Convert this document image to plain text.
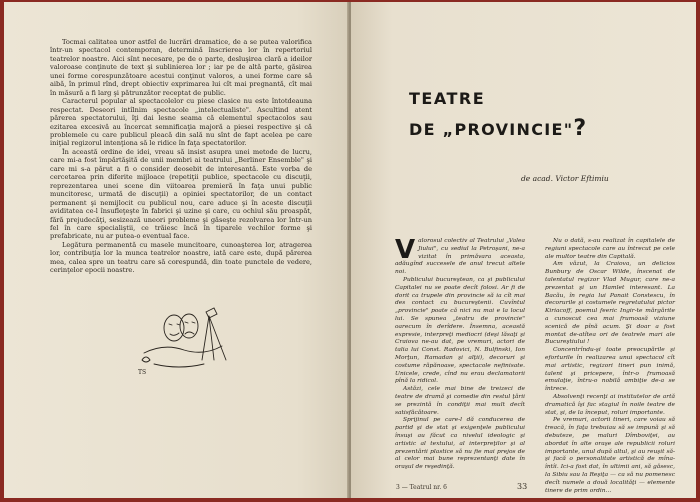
Tocmai calitatea unor astfel de lucrări dramatice, de a se putea valorifica într-un spectacol contemporan, determină înscrierea lor în repertoriul teatrelor noastre. Aici sînt necesare, pe de o parte, desluşirea clară a ideilor valoroase conţinute de text şi sublinierea lor ; iar pe de altă parte, găsirea unei forme corespunzătoare acestui conţinut valoros, a unei forme care să aibă, în primul rînd, drept obiectiv exprimarea lui cît mai pregnantă, cît mai în măsură a fi larg şi pătrunzător receptat de public.

Caracterul popular al spectacolelor cu piese clasice nu este întotdeauna respectat. Deseori intîlnim spectacole „intelectualiste". Ascultind atent părerea spectatorului, îţi dai lesne seama că elementul spectacolos sau ezitarea excesivă au încercat semnificaţia majoră a piesei respective şi că problemele cu care publicul pleacă din sală nu sînt de fapt acelea pe care iniţial regizorul intenţiona să le ridice în faţa spectatorilor.

În această ordine de idei, vreau să insist asupra unei metode de lucru, care mi-a fost împărtăşită de unii membri ai teatrului „Berliner Ensemble" şi care mi s-a părut a fi o consider deosebit de interesantă. Este vorba de cercetarea prin diferite mijloace (repetiţii publice, spectacole cu discuţii, reprezentarea unei scene din viitoarea premieră în faţa unui public muncitoresc, urmată de discuţii) a opiniei spectatorilor, de un contact permanent şi nemijlocit cu publicul nou, care aduce şi în aceste discuţii aviditatea ce-l însufleţeşte în fabrici şi uzine şi care, cu ochiul său proaspăt, fără prejudecăţi, sesizează uneori probleme şi găseşte rezolvarea lor într-un fel în care specialiştii, ce trăiesc încă în tiparele vechilor forme şi prefabricate, nu ar putea-o eventual face.

Legătura permanentă cu masele muncitoare, cunoaşterea lor, atragerea lor, contribuţia lor la munca teatrelor noastre, iată care este, după părerea mea, calea spre un teatru care să corespundă, din toate punctele de vedere, cerinţelor epocii noastre.

TS
TEATRE
DE „PROVINCIE"?
de acad. Victor Eftimiu

Valorosul colectiv al Teatrului „Valea Jiului", cu sediul la Petroşani, ne-a vizitat în primăvara aceasta, adăugînd succesele de anul trecut altele noi.

Publicului bucureştean, ca şi publicului Capitalei nu se poate decît folosi. Ar fi de dorit ca trupele din provincie să ia cît mai des contact cu bucureştenii. Cuvîntul „provincie" poate că nici nu mai e la locul lui. Se spunea „teatru de provincie" oarecum în derîdere. Însemna, această expresie, interpreţi mediocri (deşi lăsaţi şi Craiova ne-au dat, pe vremuri, actori de talia lui Const. Radovici, N. Bulfinski, Ion Morţun, Ramadan şi alţii), decoruri şi costume răpănoase, spectacole nefinisate. Unicele, crede, cînd nu erau declamatorii pînă la ridicol.

Astăzi, cele mai bine de treizeci de teatre de dramă şi comedie din restul ţării se prezintă în condiţii mai mult decît satisfăcătoare.

Sprijinul pe care-l dă conducerea de partid şi de stat şi exigenţele publicului însuşi au făcut ca nivelul ideologic şi artistic al textului, al interpreţilor şi al prezentării plastice să nu fie mai prejos de al celor mai bune reprezentanţi date în oraşul de reşedinţă.

Nu o dată, s-au realizat în capitalele de regiuni spectacole care au întrecut pe cele ale multor teatre din Capitală.

Am văzut, la Craiova, un delicios Bunbury de Oscar Wilde, înscenat de talentatul regizor Vlad Mugur, care ne-a prezentat şi un Hamlet interesant. La Bacău, în regia lui Panait Constescu, în decorurile şi costumele regretatului pictor Kiriacoff, poemul feeric Ingir-te mărgărite a cunoscut cea mai frumoasă viziune scenică de pînă acum. Şi doar a fost montat de-atîtea ori de teatrele mari ale Bucureştiului !

Concentrîndu-şi toate preocupările şi eforturile în realizarea unui spectacol cît mai artistic, regizori tineri pun inimă, talent şi pricepere, într-o frumoasă emulaţie, întru-o nobilă ambiţie de-a se întrece.

Absolvenţi recenţi ai institutelor de artă dramatică îşi fac stagiul în noile teatre de stat, şi, de la început, roluri importante.

Pe vremuri, actorii tineri, care voiau să treacă, în faţa trebuiau să se impună şi să debuteze, pe maluri Dîmboviţei, au abordat în alte oraşe ale republicii roluri importante, unul după altul, şi au reuşit să-şi facă o personalitate artistică de mîna-întîi. Ici-a fost dat, în ultimii ani, să găsesc, la Sibiu sau la Reşiţa — ca să nu pomenesc decît numele a două localităţi — elemente tinere de prim ordin...

3 — Teatrul nr. 6	33
